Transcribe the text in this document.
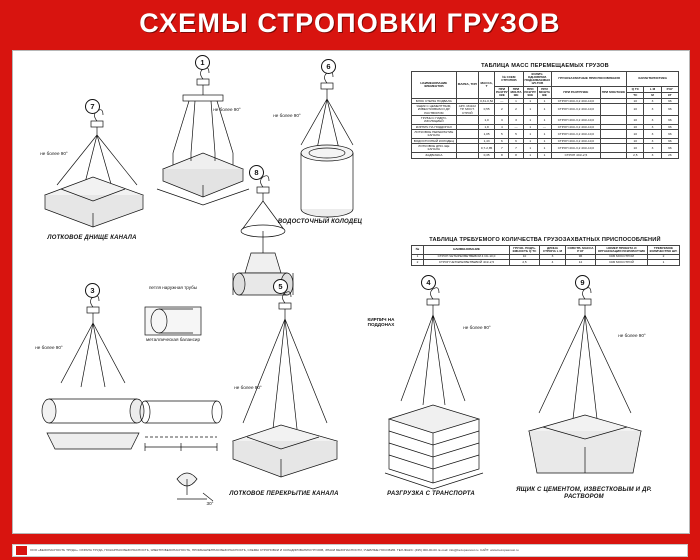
СХЕМЫ СТРОПОВКИ ГРУЗОВ
1
не более 90°
7
не более 90°
ЛОТКОВОЕ ДНИЩЕ КАНАЛА
6
не более 90°
ВОДОСТОЧНЫЙ КОЛОДЕЦ
8
3
не более 90°
петля наружная трубы
металлическая балансир
30°
5
не более 90°
ЛОТКОВОЕ ПЕРЕКРЫТИЕ КАНАЛА
4
КИРПИЧ НА ПОДДОНАХ
не более 90°
РАЗГРУЗКА С ТРАНСПОРТА
9
не более 90°
ЯЩИК С ЦЕМЕНТОМ, ИЗВЕСТКОВЫМ И ДР. РАСТВОРОМ
ТАБЛИЦА МАСС ПЕРЕМЕЩАЕМЫХ ГРУЗОВ
НАИМЕНОВАНИЕ ЭЛЕМЕНТОВ	МАРКА, ТИП	МАССА, Т	№ СХЕМ СТРОПОВ		КОЛИЧ. ОДНОВРЕМ. ПОДНИМАЕМЫХ ЭЛ-ТОВ		ГРУЗОЗАХВАТНЫЕ ПРИСПОСОБЛЕНИЯ		ХАРАКТЕРИСТИКА		
			ПРИ РАЗГРУЗКЕ	ПРИ МОНТАЖЕ	ПРИ РАЗГРУЗКЕ	ПРИ МОНТАЖЕ	ПРИ РАЗГРУЗКЕ	ПРИ МОНТАЖЕ	Q ТС	L М	P КГ
									ТС	М	КГ
БЛОК СТЕНЫ ПОДВАЛА		0,31-0,52	—	1	1	1	СТРОП 4СК-3,2 4СК-10,0		10	3	96
ЯЩИК С ЦЕМЕНТНЫМ, ИЗВЕСТКОВЫМ И ДР. РАСТВОРОМ	АРХ. М4102 ТР. МОСТ. СТРОЙ	0,55	2	2	1	1	СТРОП 4СК-3,2 4СК-10,0		10	3	96
ТРУБЫ С ГИДРО-ИЗОЛЯЦИЕЙ		1,0	3	3	1	1	СТРОП 4СК-3,2 4СК-10,0		10	3	96
КИРПИЧ НА ПОДДОНАХ		1,8	4	—	1	—	СТРОП 4СК-3,2 4СК-10,0		10	3	96
ЛОТКОВОЕ ПЕРЕКРЫТИЕ КАНАЛА		1,05	5	5	1	1	СТРОП 4СК-3,2 4СК-10,0		10	3	96
ВОДОСТОЧНЫЙ КОЛОДЕЦ		1,43	6	6	1	1	СТРОП 4СК-3,2 4СК-10,0		10	3	96
ЛОТКОВОЕ ДНИ- ЩЕ КАНАЛА		0,7-2,85	7	7	1	1	СТРОП 4СК-3,2 4СК-10,0		10	3	96
ЗАДВИЖКА		0,35	8	8	1	1	СТРОП 4СК-2,5		2,5	3	26
ТАБЛИЦА ТРЕБУЕМОГО КОЛИЧЕСТВА ГРУЗОЗАХВАТНЫХ ПРИСПОСОБЛЕНИЙ
№	НАИМЕНОВАНИЕ	ГРУЗО- ПОДЪ- ЕМНОСТЬ Q ТС	ДЛИНА СТРОПА L М	СОБСТВ. МАССА P КГ	НОМЕР ПРОЕКТА И ОРГАНИЗАЦИЯ РАЗРАБОТЧИК	ТРЕБУЕМОЕ КОЛИЧЕСТВО ШТ.
1	СТРОП ЧЕТЫРЕХВЕТВЕВОЙ 4 СК-10,0	10	3	96	СКБ МОССТРОЙ	2
2	СТРОП ЧЕТЫРЕХВЕТВЕВОЙ 4СК-2,5	2,5	4	12	СКБ МОССТРОЙ	1
ООО «БЕЗОПАСНОСТЬ ТРУДА». ОХРАНА ТРУДА, ПОЖАРНАЯ БЕЗОПАСНОСТЬ, ЭЛЕКТРОБЕЗОПАСНОСТЬ, ПРОМЫШЛЕННАЯ БЕЗОПАСНОСТЬ, СХЕМЫ СТРОПОВКИ И СКЛАДИРОВАНИЯ ГРУЗОВ, ЗНАКИ БЕЗОПАСНОСТИ, УЧЕБНЫЕ ПОСОБИЯ. ТЕЛ./ФАКС: (495) 000-00-00. E-mail: info@bezopasnost.ru. САЙТ: www.bezopasnost.ru
